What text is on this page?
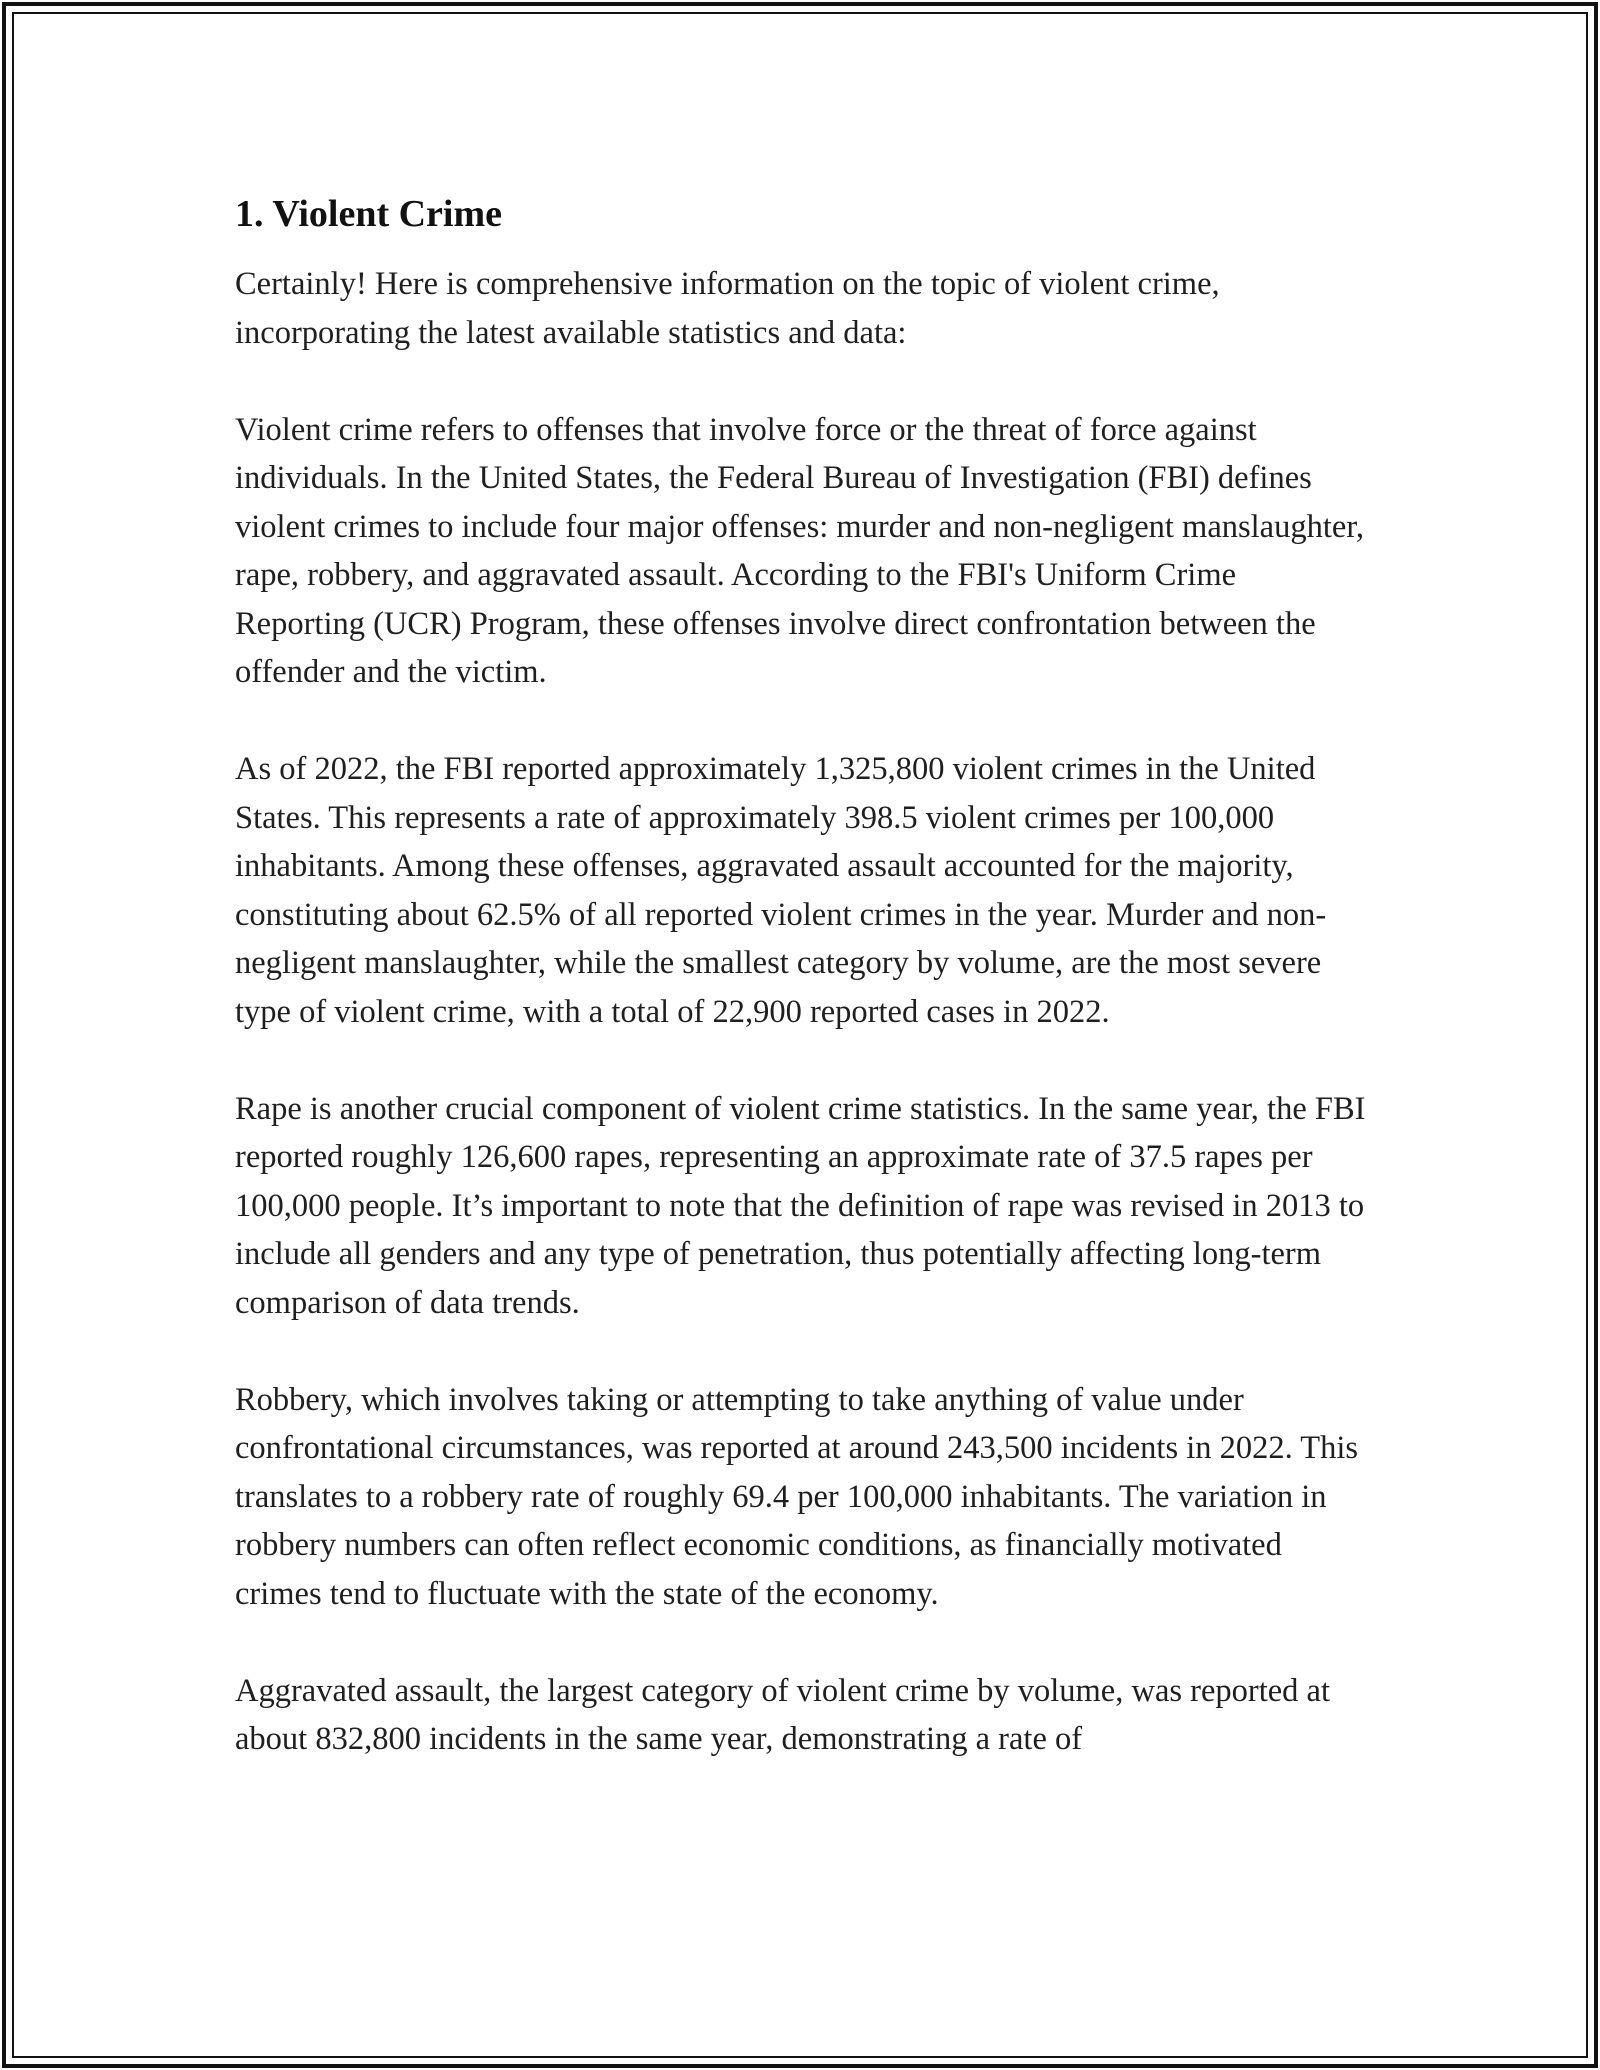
1. Violent Crime

Certainly! Here is comprehensive information on the topic of violent crime, incorporating the latest available statistics and data:

Violent crime refers to offenses that involve force or the threat of force against individuals. In the United States, the Federal Bureau of Investigation (FBI) defines violent crimes to include four major offenses: murder and non-negligent manslaughter, rape, robbery, and aggravated assault. According to the FBI's Uniform Crime Reporting (UCR) Program, these offenses involve direct confrontation between the offender and the victim.

As of 2022, the FBI reported approximately 1,325,800 violent crimes in the United States. This represents a rate of approximately 398.5 violent crimes per 100,000 inhabitants. Among these offenses, aggravated assault accounted for the majority, constituting about 62.5% of all reported violent crimes in the year. Murder and non-negligent manslaughter, while the smallest category by volume, are the most severe type of violent crime, with a total of 22,900 reported cases in 2022.

Rape is another crucial component of violent crime statistics. In the same year, the FBI reported roughly 126,600 rapes, representing an approximate rate of 37.5 rapes per 100,000 people. It’s important to note that the definition of rape was revised in 2013 to include all genders and any type of penetration, thus potentially affecting long-term comparison of data trends.

Robbery, which involves taking or attempting to take anything of value under confrontational circumstances, was reported at around 243,500 incidents in 2022. This translates to a robbery rate of roughly 69.4 per 100,000 inhabitants. The variation in robbery numbers can often reflect economic conditions, as financially motivated crimes tend to fluctuate with the state of the economy.

Aggravated assault, the largest category of violent crime by volume, was reported at about 832,800 incidents in the same year, demonstrating a rate of
